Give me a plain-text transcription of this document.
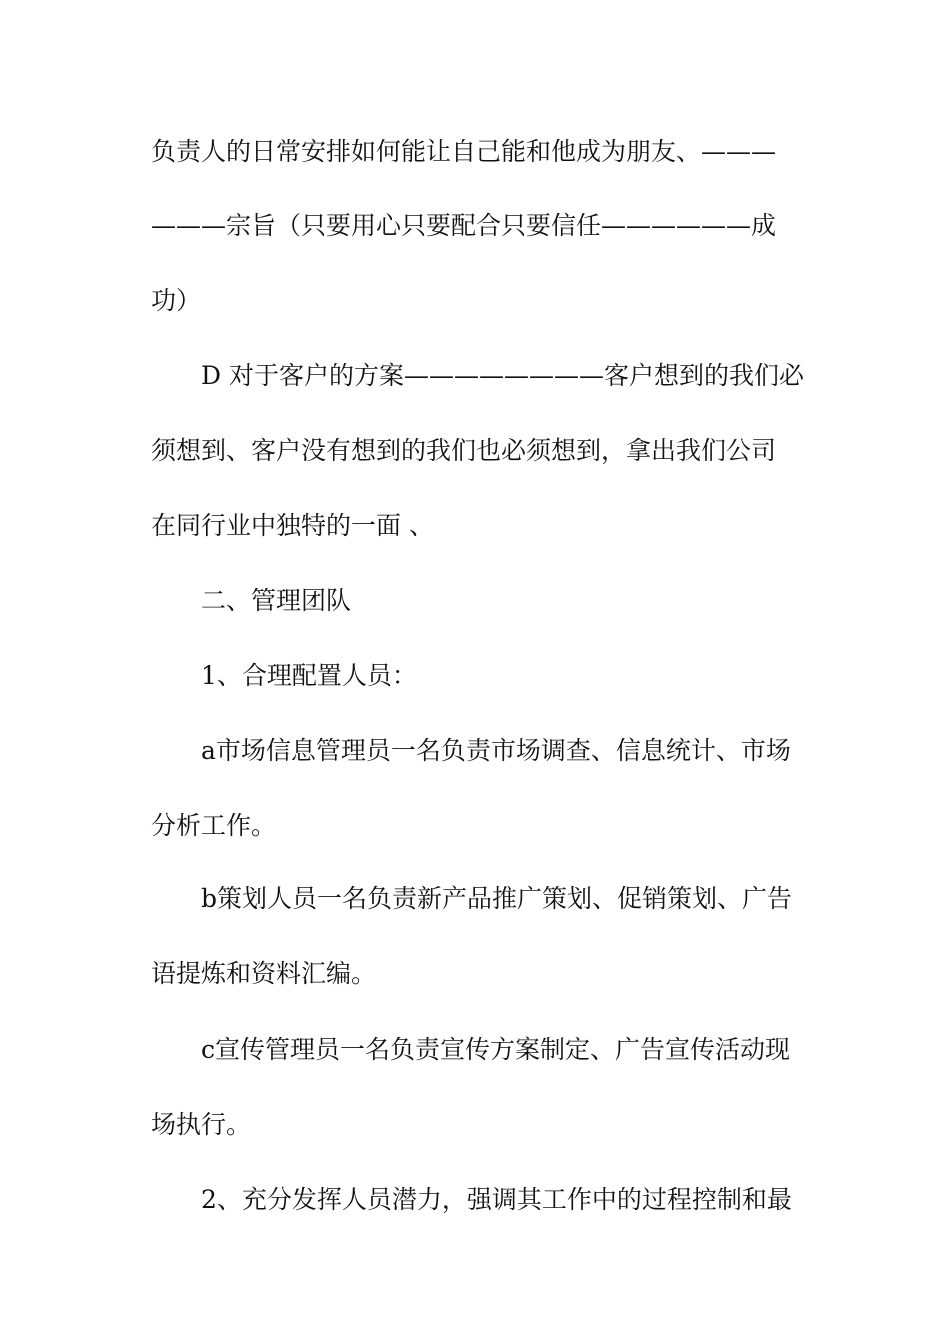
负责人的日常安排如何能让自己能和他成为朋友、———
———宗旨（只要用心只要配合只要信任——————成
功）
D 对于客户的方案————————客户想到的我们必
须想到、客户没有想到的我们也必须想到，拿出我们公司
在同行业中独特的一面 、
二、管理团队
1、合理配置人员：
a市场信息管理员一名负责市场调查、信息统计、市场
分析工作。
b策划人员一名负责新产品推广策划、促销策划、广告
语提炼和资料汇编。
c宣传管理员一名负责宣传方案制定、广告宣传活动现
场执行。
2、充分发挥人员潜力，强调其工作中的过程控制和最
